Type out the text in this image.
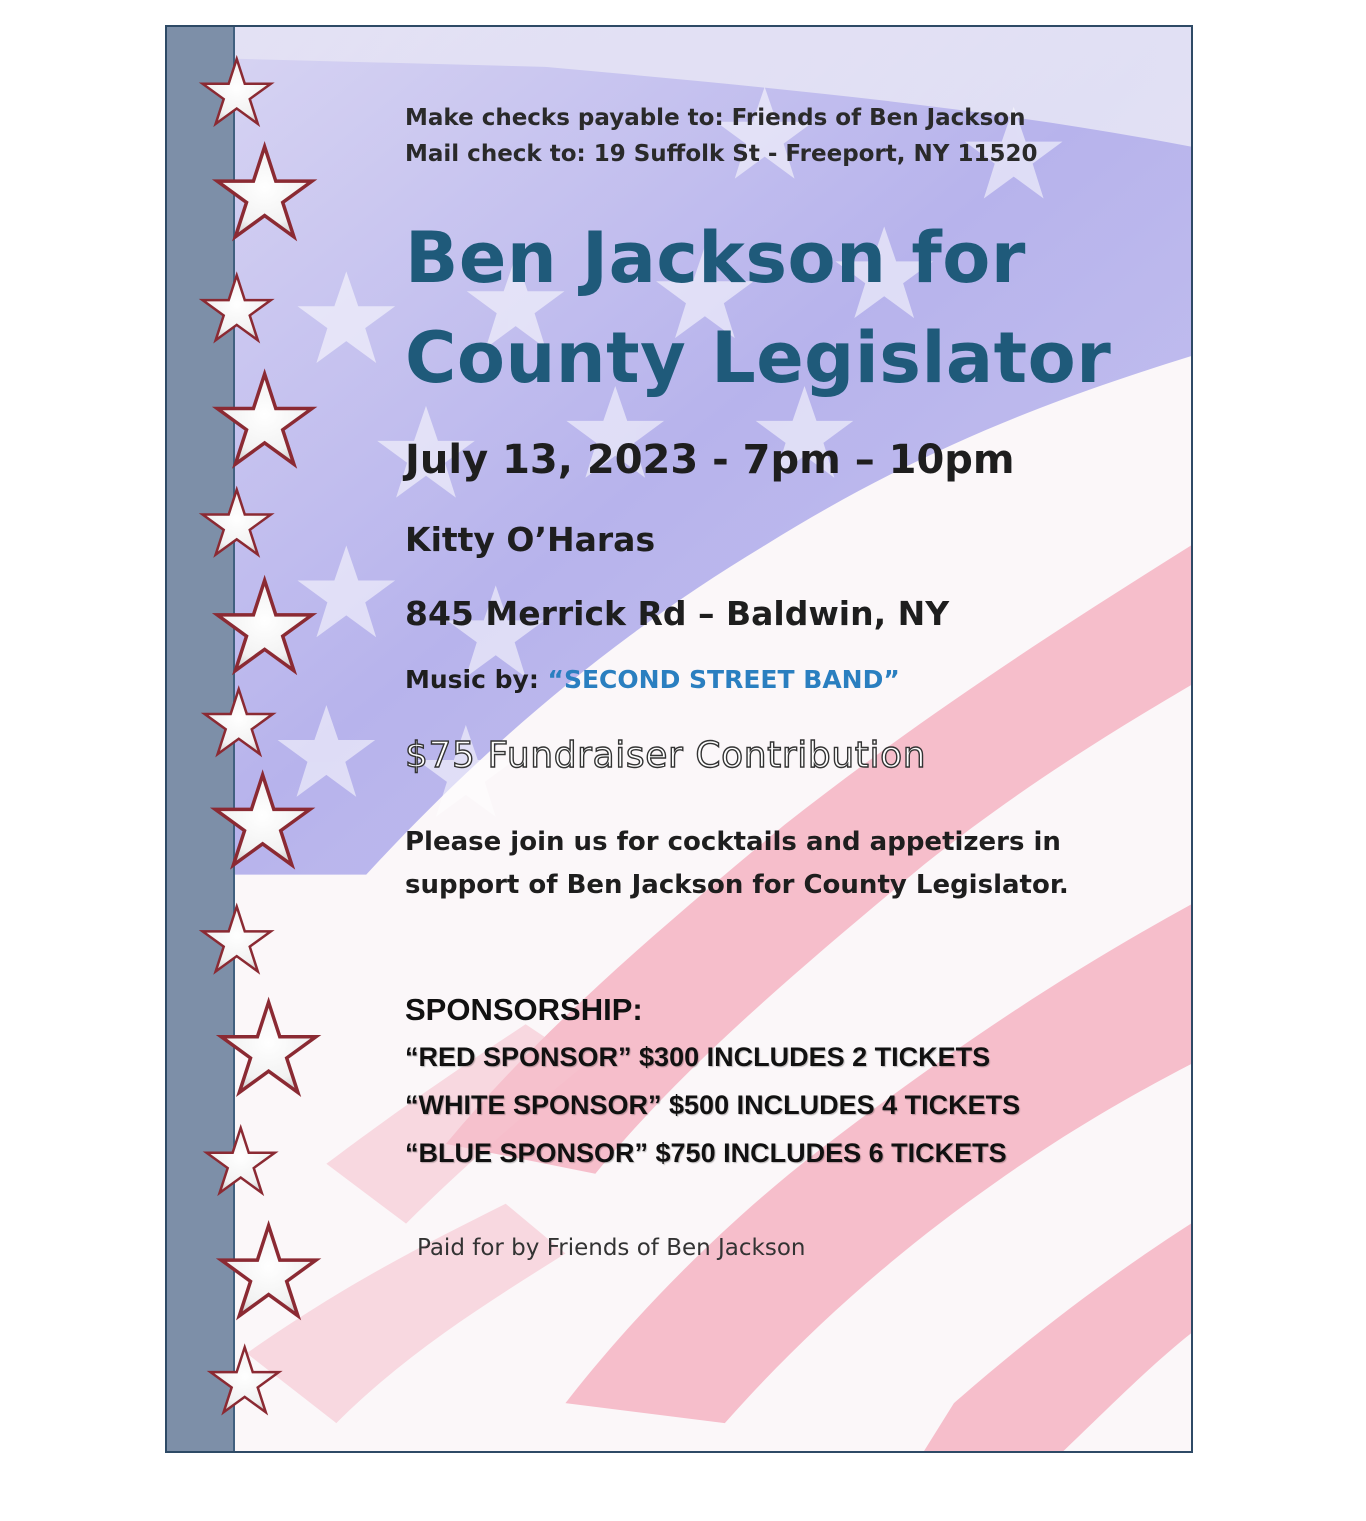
Make checks payable to: Friends of Ben Jackson
Mail check to: 19 Suffolk St - Freeport, NY 11520
Ben Jackson for
County Legislator
July 13, 2023 - 7pm – 10pm
Kitty O’Haras
845 Merrick Rd – Baldwin, NY
Music by: “SECOND STREET BAND”
$75 Fundraiser Contribution
Please join us for cocktails and appetizers in
support of Ben Jackson for County Legislator.
SPONSORSHIP:
“RED SPONSOR” $300 INCLUDES 2 TICKETS
“WHITE SPONSOR” $500 INCLUDES 4 TICKETS
“BLUE SPONSOR” $750 INCLUDES 6 TICKETS
Paid for by Friends of Ben Jackson
